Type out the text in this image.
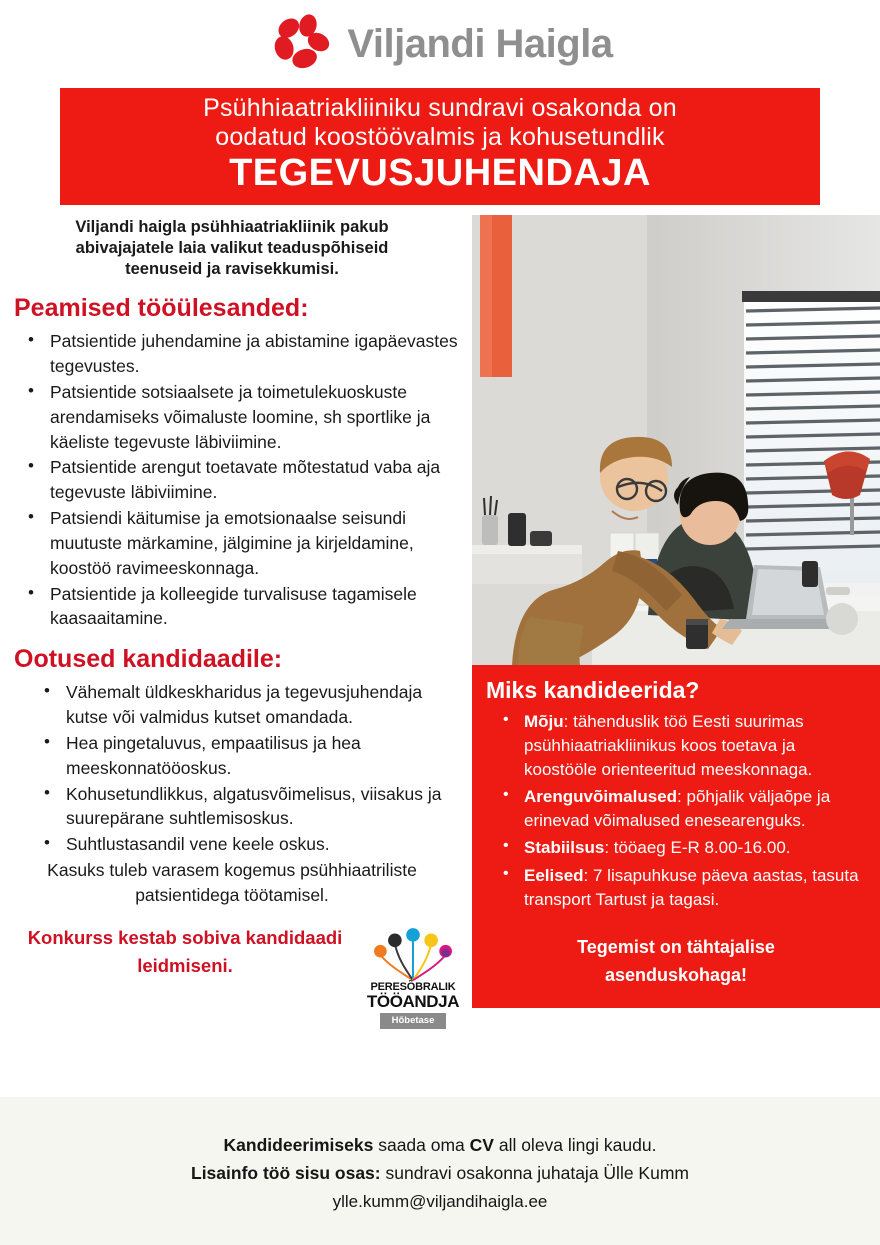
Viljandi Haigla
Psühhiaatriakliiniku sundravi osakonda on
oodatud koostöövalmis ja kohusetundlik
TEGEVUSJUHENDAJA
Viljandi haigla psühhiaatriakliinik pakub abivajajatele laia valikut teaduspõhiseid teenuseid ja ravisekkumisi.
Peamised tööülesanded:
• Patsientide juhendamine ja abistamine igapäevastes tegevustes.
• Patsientide sotsiaalsete ja toimetulekuoskuste arendamiseks võimaluste loomine, sh sportlike ja käeliste tegevuste läbiviimine.
• Patsientide arengut toetavate mõtestatud vaba aja tegevuste läbiviimine.
• Patsiendi käitumise ja emotsionaalse seisundi muutuste märkamine, jälgimine ja kirjeldamine, koostöö ravimeeskonnaga.
• Patsientide ja kolleegide turvalisuse tagamisele kaasaaitamine.
Ootused kandidaadile:
• Vähemalt üldkeskharidus ja tegevusjuhendaja kutse või valmidus kutset omandada.
• Hea pingetaluvus, empaatilisus ja hea meeskonnatööoskus.
• Kohusetundlikkus, algatusvõimelisus, viisakus ja suurepärane suhtlemisoskus.
• Suhtlustasandil vene keele oskus.
Kasuks tuleb varasem kogemus psühhiaatriliste patsientidega töötamisel.
Konkurss kestab sobiva kandidaadi leidmiseni.
PERESÕBRALIK
TÖÖANDJA
Hõbetase
Miks kandideerida?
• Mõju: tähenduslik töö Eesti suurimas psühhiaatriakliinikus koos toetava ja koostööle orienteeritud meeskonnaga.
• Arenguvõimalused: põhjalik väljaõpe ja erinevad võimalused enesearenguks.
• Stabiilsus: tööaeg E-R 8.00-16.00.
• Eelised: 7 lisapuhkuse päeva aastas, tasuta transport Tartust ja tagasi.
Tegemist on tähtajalise
asenduskohaga!
Kandideerimiseks saada oma CV all oleva lingi kaudu.
Lisainfo töö sisu osas: sundravi osakonna juhataja Ülle Kumm
ylle.kumm@viljandihaigla.ee
